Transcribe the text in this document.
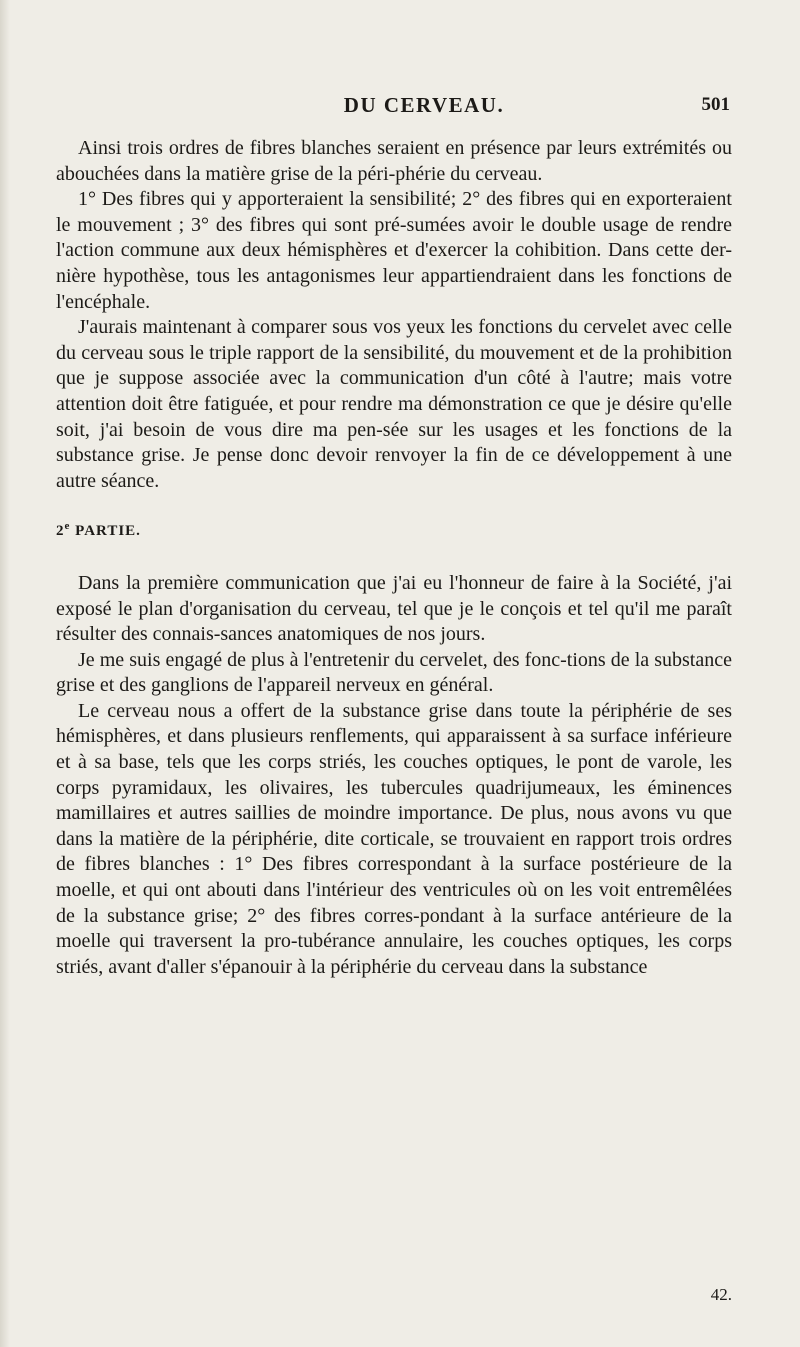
DU CERVEAU.	501

Ainsi trois ordres de fibres blanches seraient en présence par leurs extrémités ou abouchées dans la matière grise de la péri-phérie du cerveau.

1° Des fibres qui y apporteraient la sensibilité; 2° des fibres qui en exporteraient le mouvement ; 3° des fibres qui sont pré-sumées avoir le double usage de rendre l'action commune aux deux hémisphères et d'exercer la cohibition. Dans cette der-nière hypothèse, tous les antagonismes leur appartiendraient dans les fonctions de l'encéphale.

J'aurais maintenant à comparer sous vos yeux les fonctions du cervelet avec celle du cerveau sous le triple rapport de la sensibilité, du mouvement et de la prohibition que je suppose associée avec la communication d'un côté à l'autre; mais votre attention doit être fatiguée, et pour rendre ma démonstration ce que je désire qu'elle soit, j'ai besoin de vous dire ma pen-sée sur les usages et les fonctions de la substance grise. Je pense donc devoir renvoyer la fin de ce développement à une autre séance.

2e PARTIE.

Dans la première communication que j'ai eu l'honneur de faire à la Société, j'ai exposé le plan d'organisation du cerveau, tel que je le conçois et tel qu'il me paraît résulter des connais-sances anatomiques de nos jours.

Je me suis engagé de plus à l'entretenir du cervelet, des fonc-tions de la substance grise et des ganglions de l'appareil nerveux en général.

Le cerveau nous a offert de la substance grise dans toute la périphérie de ses hémisphères, et dans plusieurs renflements, qui apparaissent à sa surface inférieure et à sa base, tels que les corps striés, les couches optiques, le pont de varole, les corps pyramidaux, les olivaires, les tubercules quadrijumeaux, les éminences mamillaires et autres saillies de moindre importance. De plus, nous avons vu que dans la matière de la périphérie, dite corticale, se trouvaient en rapport trois ordres de fibres blanches : 1° Des fibres correspondant à la surface postérieure de la moelle, et qui ont abouti dans l'intérieur des ventricules où on les voit entremêlées de la substance grise; 2° des fibres corres-pondant à la surface antérieure de la moelle qui traversent la pro-tubérance annulaire, les couches optiques, les corps striés, avant d'aller s'épanouir à la périphérie du cerveau dans la substance

42.
